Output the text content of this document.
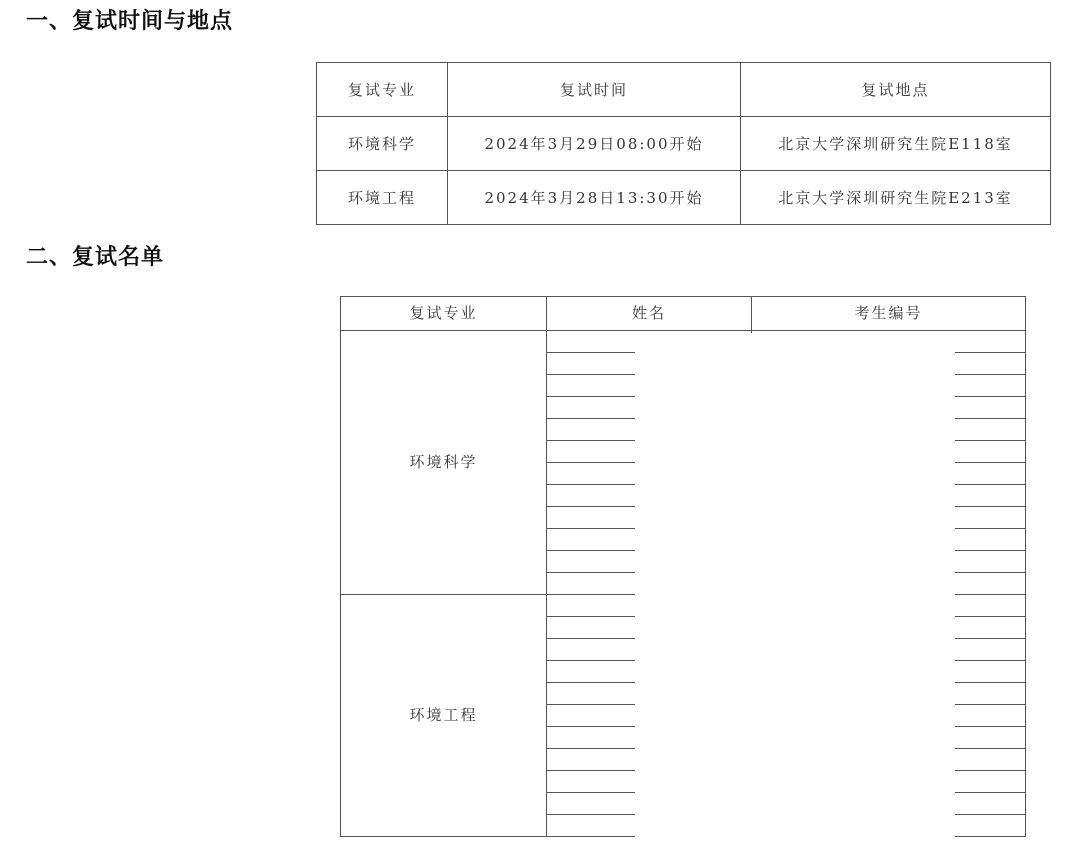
一、复试时间与地点
复试专业	复试时间	复试地点
环境科学	2024年3月29日08:00开始	北京大学深圳研究生院E118室
环境工程	2024年3月28日13:30开始	北京大学深圳研究生院E213室
二、复试名单
复试专业	姓名	考生编号
环境科学		

环境工程		
